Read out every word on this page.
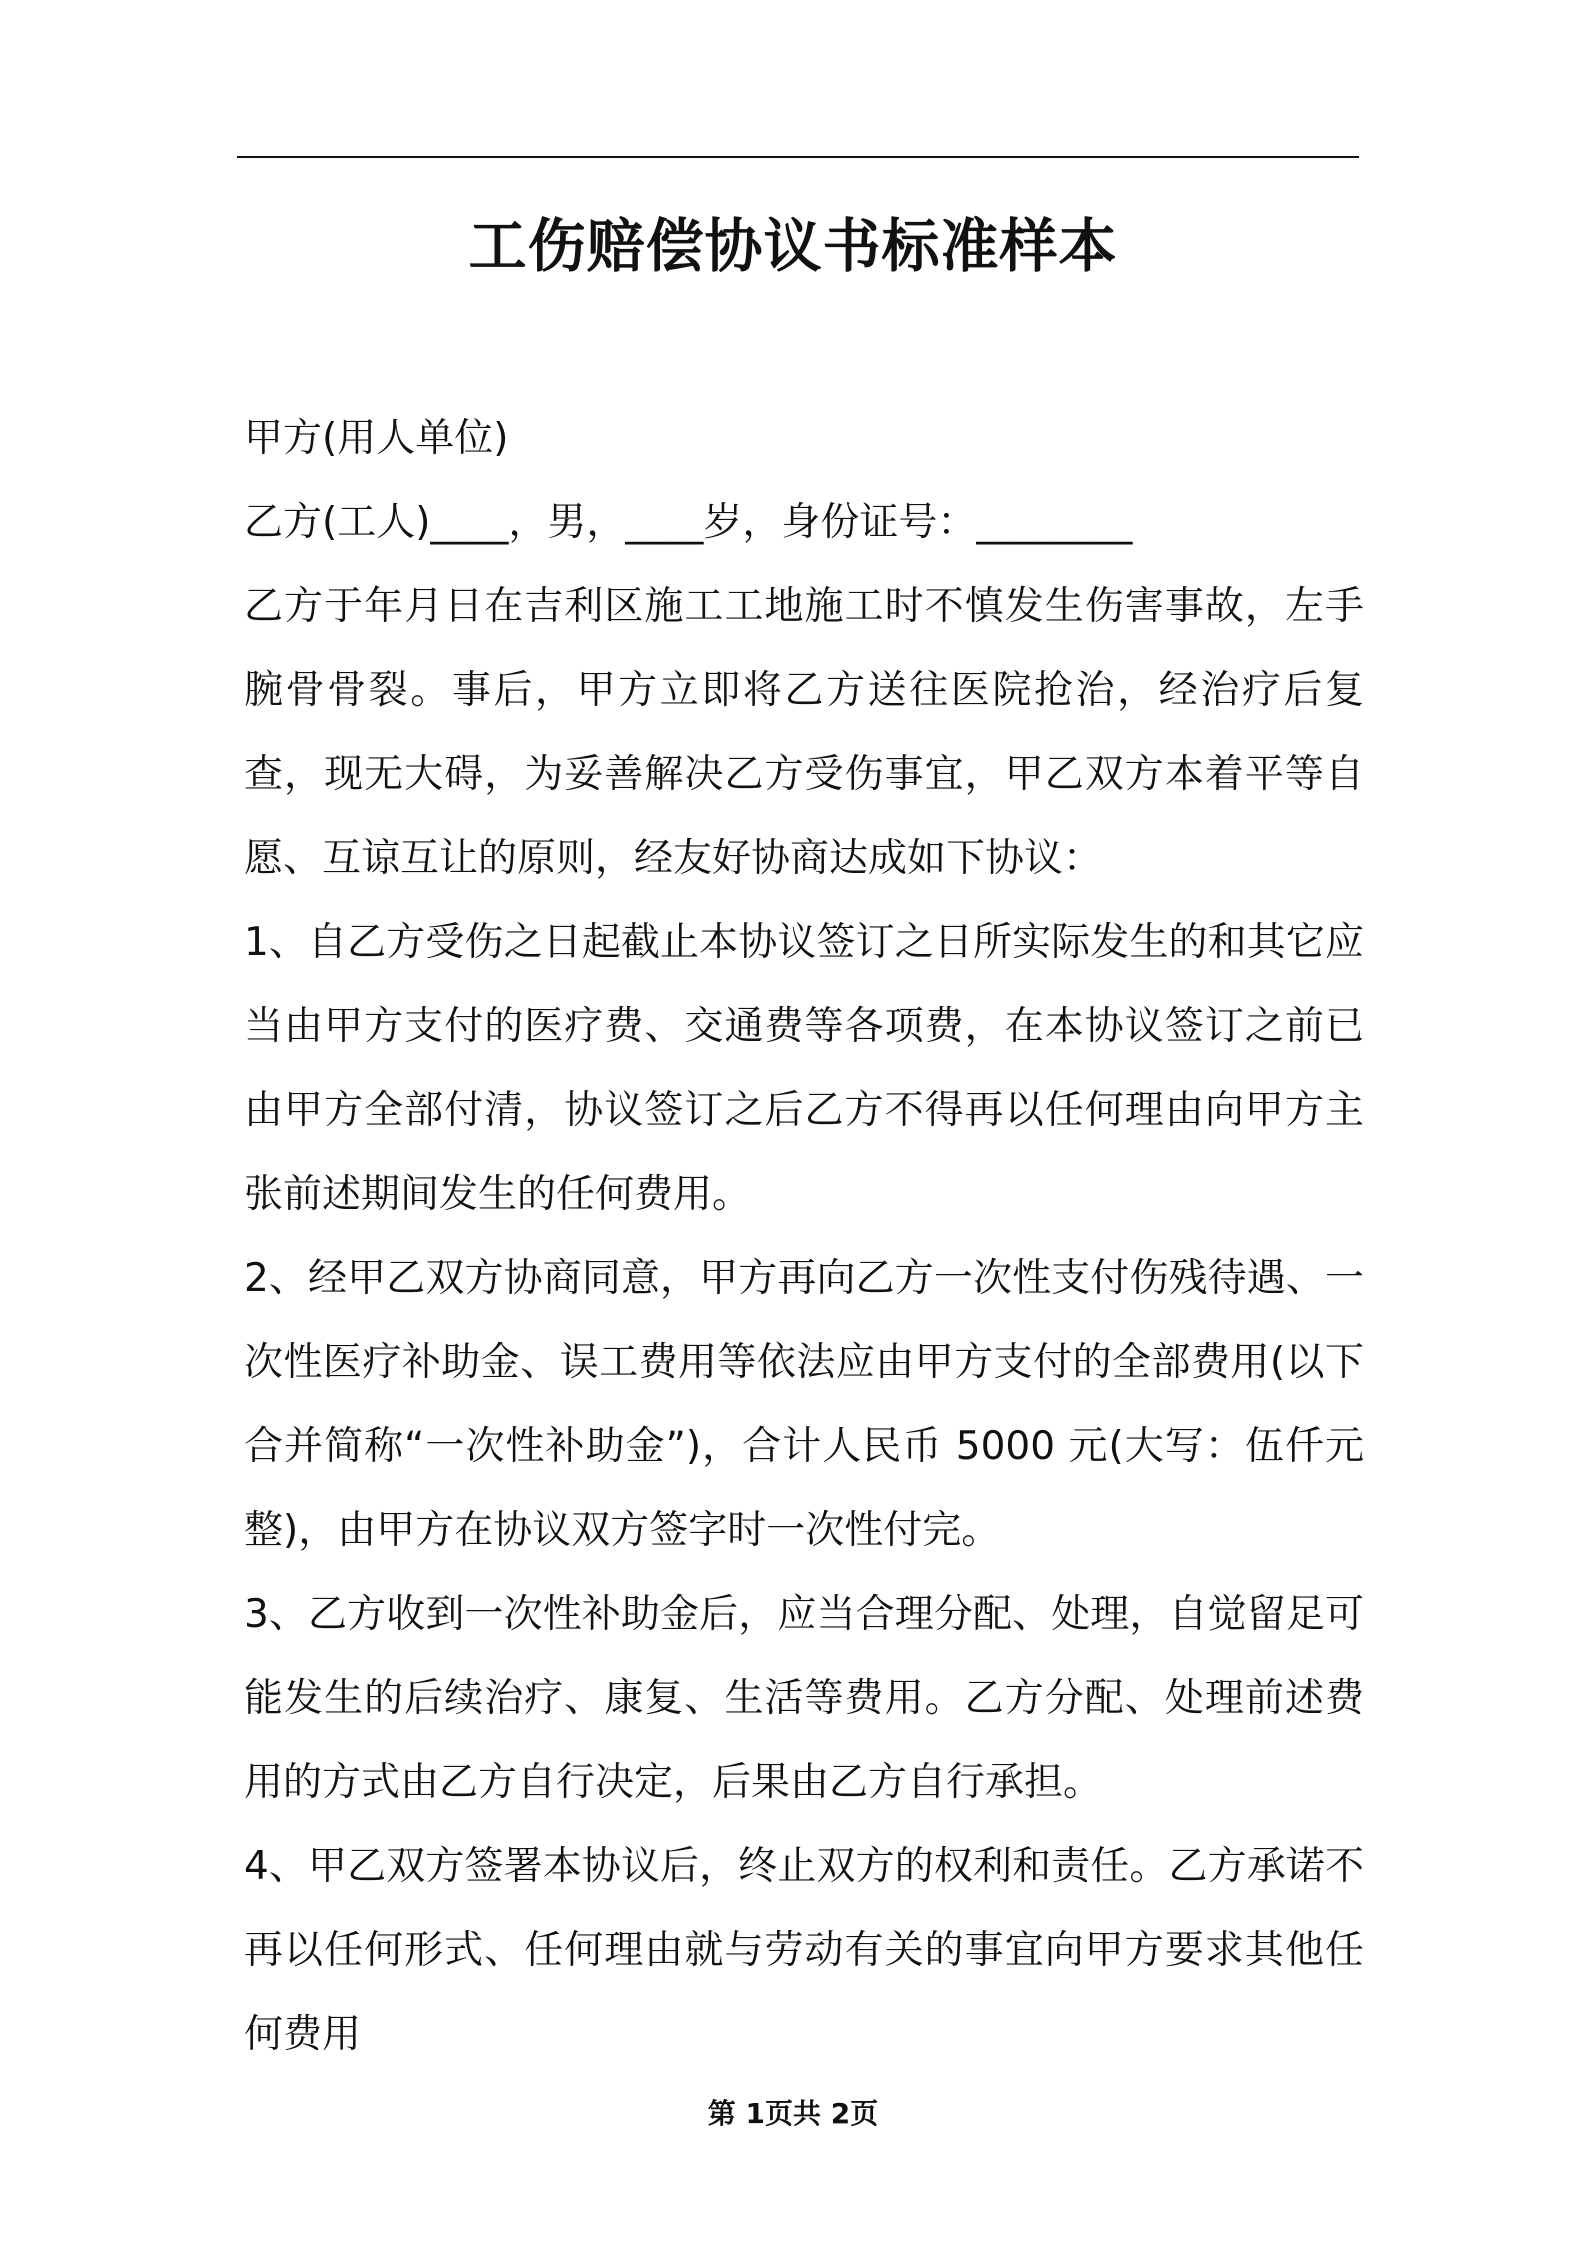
工伤赔偿协议书标准样本

甲方(用人单位)

乙方(工人)____，男，____岁，身份证号：________

乙方于年月日在吉利区施工工地施工时不慎发生伤害事故，左手腕骨骨裂。事后，甲方立即将乙方送往医院抢治，经治疗后复查，现无大碍，为妥善解决乙方受伤事宜，甲乙双方本着平等自愿、互谅互让的原则，经友好协商达成如下协议：

1、自乙方受伤之日起截止本协议签订之日所实际发生的和其它应当由甲方支付的医疗费、交通费等各项费，在本协议签订之前已由甲方全部付清，协议签订之后乙方不得再以任何理由向甲方主张前述期间发生的任何费用。

2、经甲乙双方协商同意，甲方再向乙方一次性支付伤残待遇、一次性医疗补助金、误工费用等依法应由甲方支付的全部费用(以下合并简称“一次性补助金”)，合计人民币 5000 元(大写：伍仟元整)，由甲方在协议双方签字时一次性付完。

3、乙方收到一次性补助金后，应当合理分配、处理，自觉留足可能发生的后续治疗、康复、生活等费用。乙方分配、处理前述费用的方式由乙方自行决定，后果由乙方自行承担。

4、甲乙双方签署本协议后，终止双方的权利和责任。乙方承诺不再以任何形式、任何理由就与劳动有关的事宜向甲方要求其他任何费用

第 1页共 2页
